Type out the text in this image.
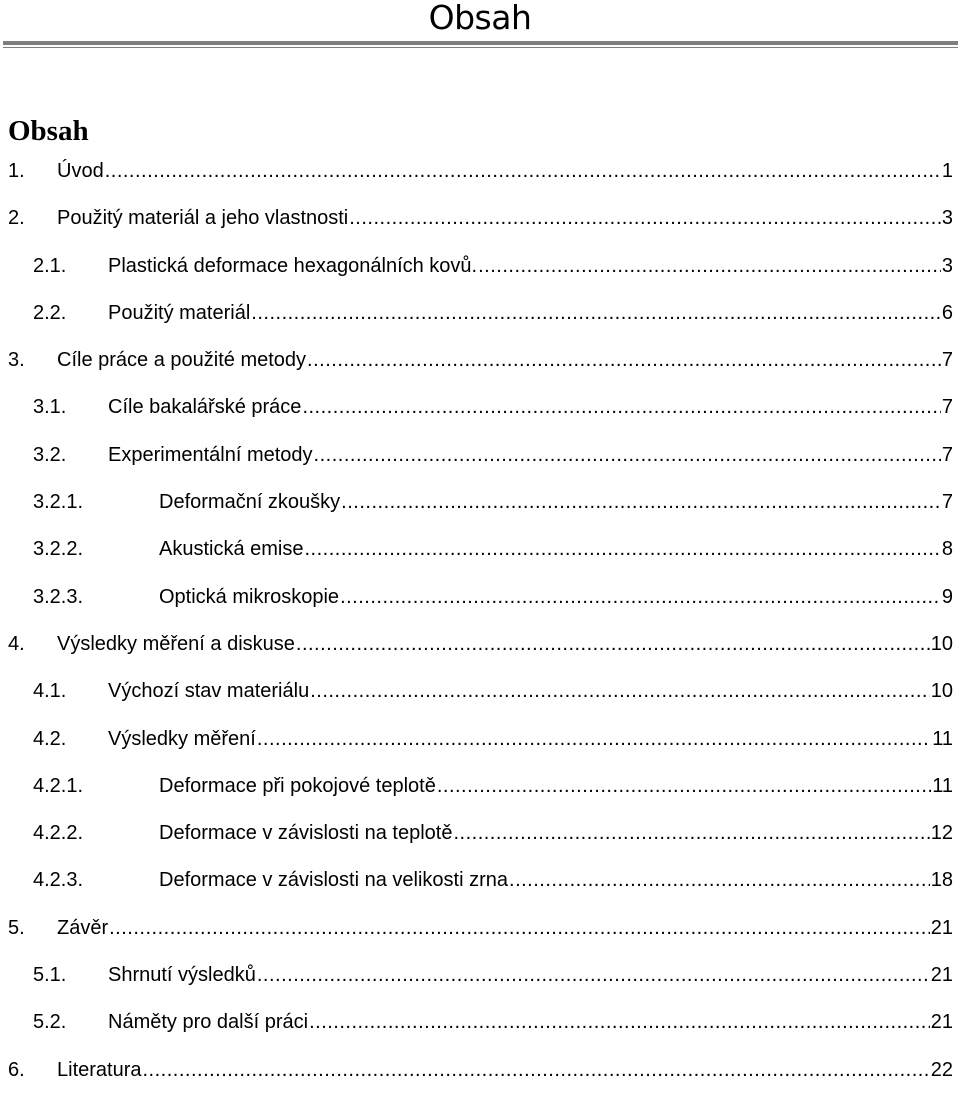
Obsah
Obsah
1. Úvod .....	1
2. Použitý materiál a jeho vlastnosti .....	3
2.1. Plastická deformace hexagonálních kovů. .....	3
2.2. Použitý materiál .....	6
3. Cíle práce a použité metody .....	7
3.1. Cíle bakalářské práce .....	7
3.2. Experimentální metody .....	7
3.2.1.	Deformační zkoušky .....	7
3.2.2.	Akustická emise .....	8
3.2.3.	Optická mikroskopie .....	9
4. Výsledky měření a diskuse .....	10
4.1. Výchozí stav materiálu .....	10
4.2. Výsledky měření .....	11
4.2.1.	Deformace při pokojové teplotě .....	11
4.2.2.	Deformace v závislosti na teplotě .....	12
4.2.3.	Deformace v závislosti na velikosti zrna .....	18
5. Závěr .....	21
5.1. Shrnutí výsledků .....	21
5.2. Náměty pro další práci .....	21
6. Literatura .....	22
